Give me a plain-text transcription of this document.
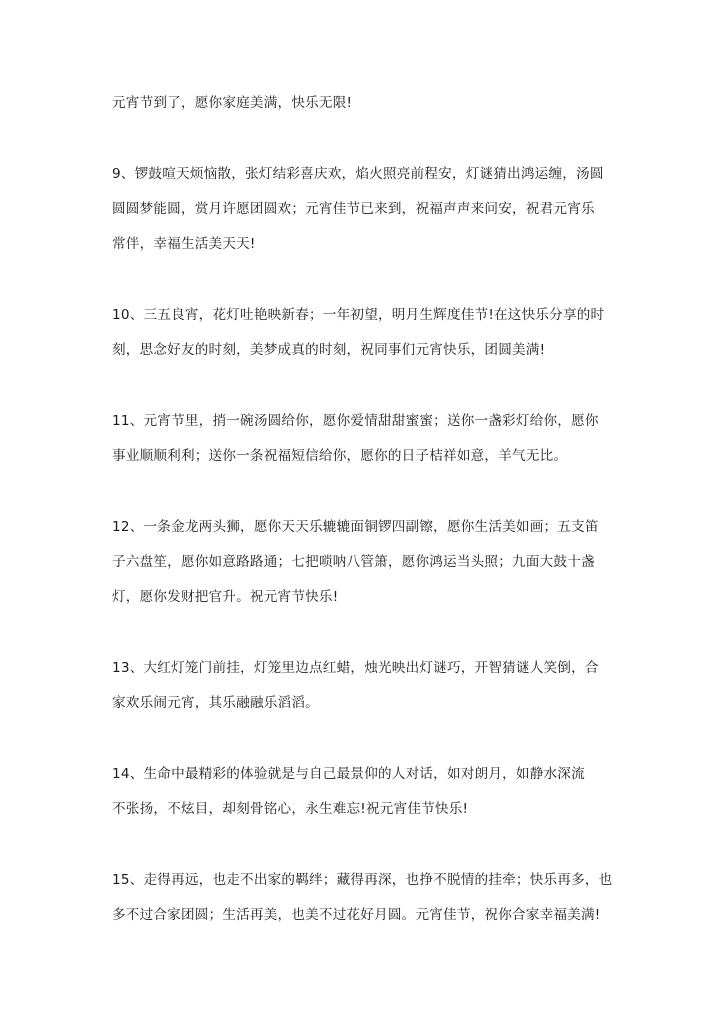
元宵节到了，愿你家庭美满，快乐无限!
9、锣鼓喧天烦恼散，张灯结彩喜庆欢，焰火照亮前程安，灯谜猜出鸿运缠，汤圆
圆圆梦能圆，赏月许愿团圆欢；元宵佳节已来到，祝福声声来问安，祝君元宵乐
常伴，幸福生活美天天!
10、三五良宵，花灯吐艳映新春；一年初望，明月生辉度佳节!在这快乐分享的时
刻，思念好友的时刻，美梦成真的时刻，祝同事们元宵快乐，团圆美满!
11、元宵节里，捎一碗汤圆给你，愿你爱情甜甜蜜蜜；送你一盏彩灯给你，愿你
事业顺顺利利；送你一条祝福短信给你，愿你的日子桔祥如意，羊气无比。
12、一条金龙两头狮，愿你天天乐辘辘面铜锣四副镲，愿你生活美如画；五支笛
子六盘笙，愿你如意路路通；七把唢呐八管箫，愿你鸿运当头照；九面大鼓十盏
灯，愿你发财把官升。祝元宵节快乐!
13、大红灯笼门前挂，灯笼里边点红蜡，烛光映出灯谜巧，开智猜谜人笑倒，合
家欢乐闹元宵，其乐融融乐滔滔。
14、生命中最精彩的体验就是与自己最景仰的人对话，如对朗月，如静水深流
不张扬，不炫目，却刻骨铭心，永生难忘!祝元宵佳节快乐!
15、走得再远，也走不出家的羁绊；藏得再深，也挣不脱情的挂牵；快乐再多，也
多不过合家团圆；生活再美，也美不过花好月圆。元宵佳节，祝你合家幸福美满!
